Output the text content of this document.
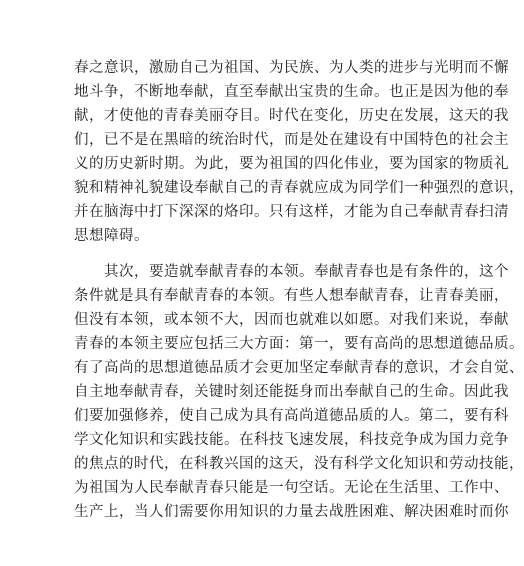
春之意识，激励自己为祖国、为民族、为人类的进步与光明而不懈
地斗争，不断地奉献，直至奉献出宝贵的生命。也正是因为他的奉
献，才使他的青春美丽夺目。时代在变化，历史在发展，这天的我
们，已不是在黑暗的统治时代，而是处在建设有中国特色的社会主
义的历史新时期。为此，要为祖国的四化伟业，要为国家的物质礼
貌和精神礼貌建设奉献自己的青春就应成为同学们一种强烈的意识，
并在脑海中打下深深的烙印。只有这样，才能为自己奉献青春扫清
思想障碍。
其次，要造就奉献青春的本领。奉献青春也是有条件的，这个
条件就是具有奉献青春的本领。有些人想奉献青春，让青春美丽，
但没有本领，或本领不大，因而也就难以如愿。对我们来说，奉献
青春的本领主要应包括三大方面：第一，要有高尚的思想道德品质。
有了高尚的思想道德品质才会更加坚定奉献青春的意识，才会自觉、
自主地奉献青春，关键时刻还能挺身而出奉献自己的生命。因此我
们要加强修养，使自己成为具有高尚道德品质的人。第二，要有科
学文化知识和实践技能。在科技飞速发展，科技竞争成为国力竞争
的焦点的时代，在科教兴国的这天，没有科学文化知识和劳动技能，
为祖国为人民奉献青春只能是一句空话。无论在生活里、工作中、
生产上，当人们需要你用知识的力量去战胜困难、解决困难时而你
